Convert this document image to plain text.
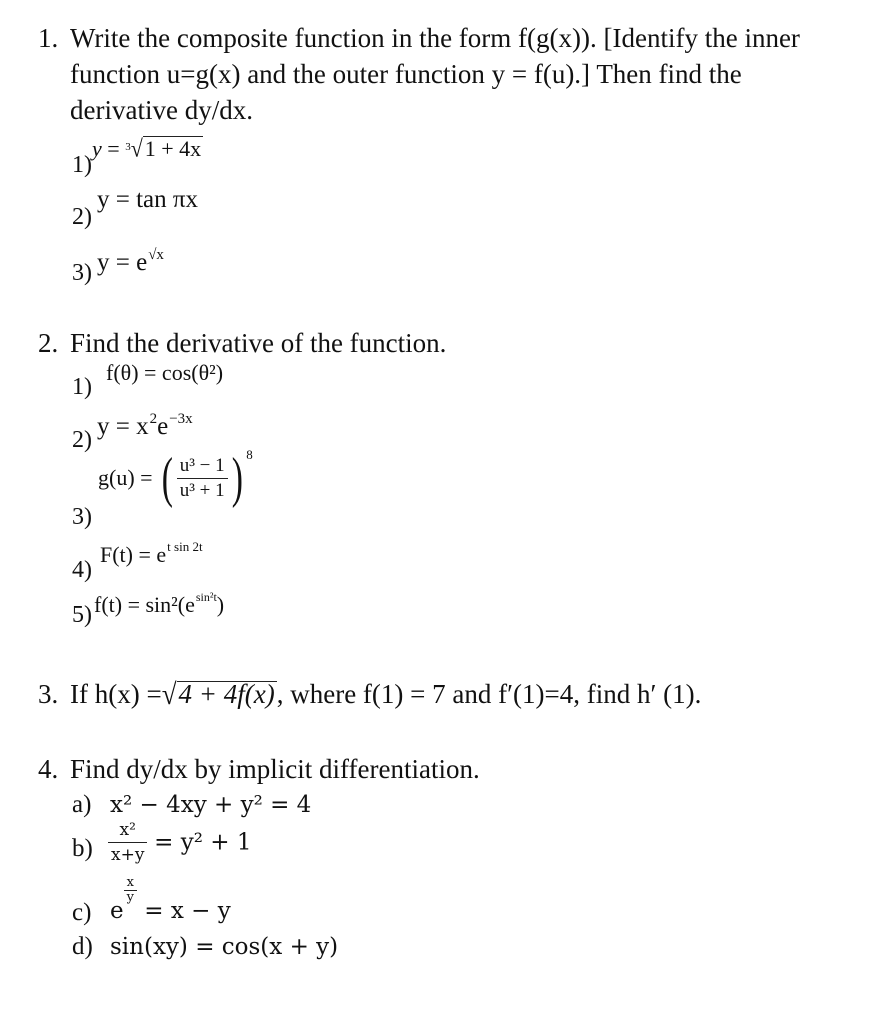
1. Write the composite function in the form f(g(x)). [Identify the inner
function u=g(x) and the outer function y = f(u).] Then find the
derivative dy/dx.
1)
y = $^3$√1 + 4x
2)
y = tan πx
3) $y = e^{√x}$
2. Find the derivative of the function.
1)
f(θ) = cos(θ²)
2) $y = x^2e^{-3x}$
3)
g(u) = ( $\frac{\text{u³ − 1}}{\text{u³ + 1}}$ ) $^8$
4)
$F(t) = e^{t sin 2t}$
5) $f(t) = \sin^2(e^{sin^2t})$
3. If h(x) =√4 + 4f(x), where f(1) = 7 and f′(1)=4, find h′ (1).
4. Find dy/dx by implicit differentiation.
a) x² − 4xy + y² = 4
$b) \frac{\text{x²}}{x+y} = y^2 + 1$
c) e
$\frac{x}{y}$
= x − y
d) sin(xy) = cos(x + y)
